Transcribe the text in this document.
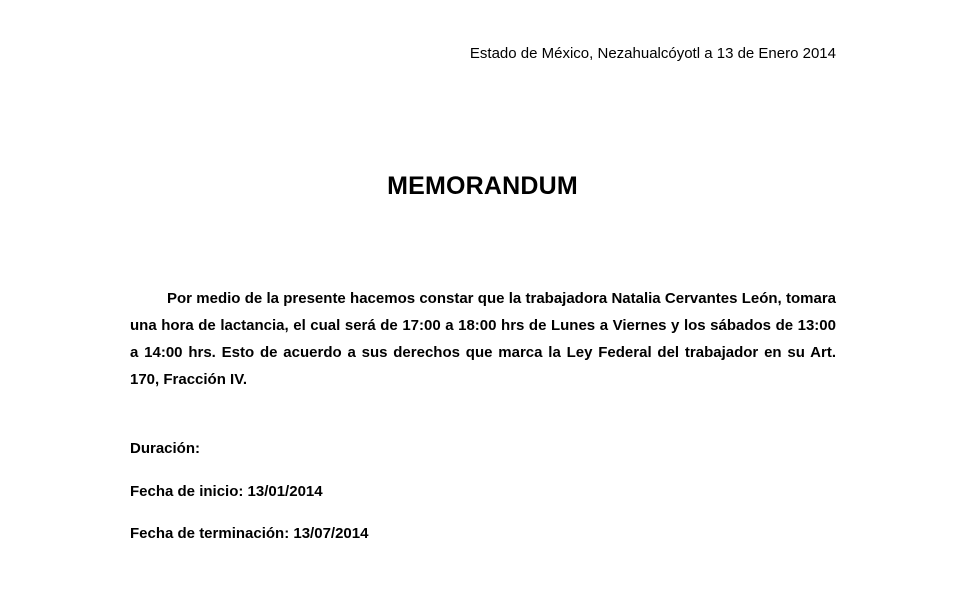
Estado de México, Nezahualcóyotl a 13 de Enero 2014
MEMORANDUM

Por medio de la presente hacemos constar que la trabajadora Natalia Cervantes León, tomara una hora de lactancia, el cual será de 17:00 a 18:00 hrs de Lunes a Viernes y los sábados de 13:00 a 14:00 hrs. Esto de acuerdo a sus derechos que marca la Ley Federal del trabajador en su Art. 170, Fracción IV.

Duración:
Fecha de inicio: 13/01/2014
Fecha de terminación: 13/07/2014
